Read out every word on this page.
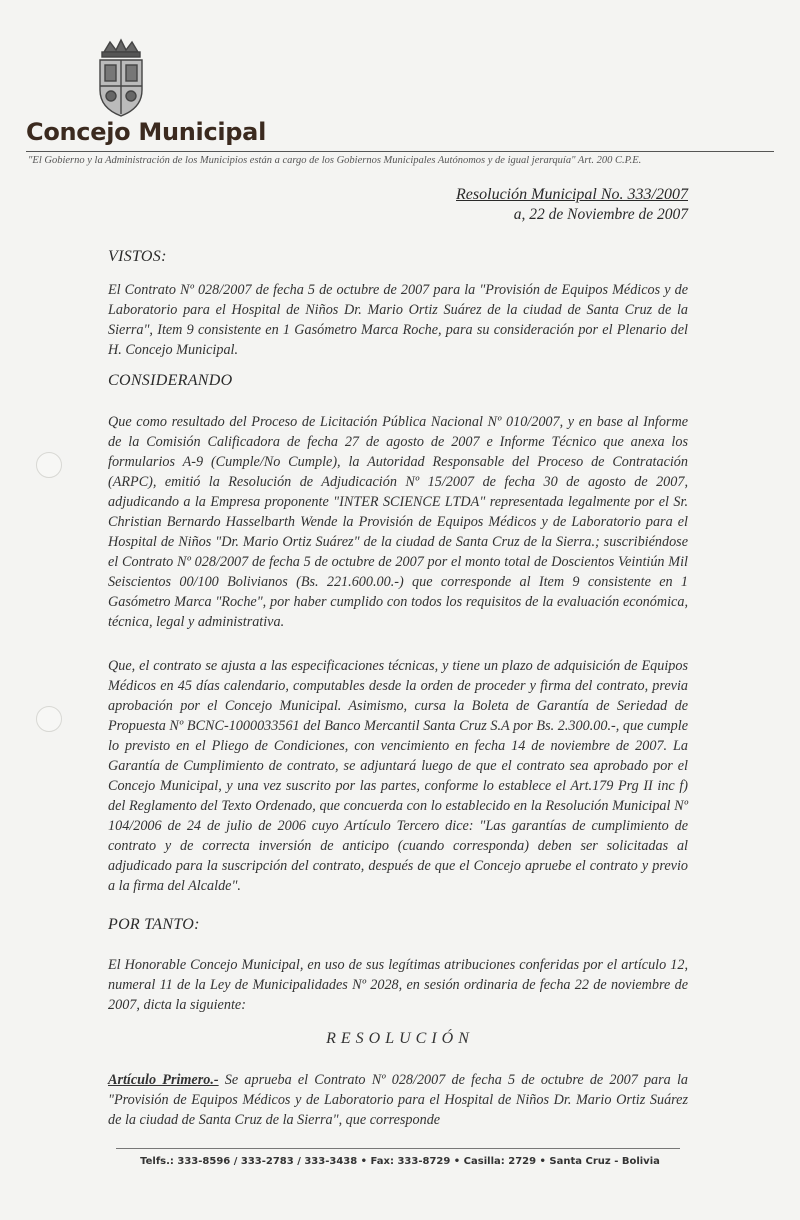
Concejo Municipal
"El Gobierno y la Administración de los Municipios están a cargo de los Gobiernos Municipales Autónomos y de igual jerarquía" Art. 200 C.P.E.
Resolución Municipal No. 333/2007
a, 22 de Noviembre de 2007
VISTOS:
El Contrato Nº 028/2007 de fecha 5 de octubre de 2007 para la "Provisión de Equipos Médicos y de Laboratorio para el Hospital de Niños Dr. Mario Ortiz Suárez de la ciudad de Santa Cruz de la Sierra", Item 9 consistente en 1 Gasómetro Marca Roche, para su consideración por el Plenario del H. Concejo Municipal.
CONSIDERANDO
Que como resultado del Proceso de Licitación Pública Nacional Nº 010/2007, y en base al Informe de la Comisión Calificadora de fecha 27 de agosto de 2007 e Informe Técnico que anexa los formularios A-9 (Cumple/No Cumple), la Autoridad Responsable del Proceso de Contratación (ARPC), emitió la Resolución de Adjudicación Nº 15/2007 de fecha 30 de agosto de 2007, adjudicando a la Empresa proponente "INTER SCIENCE LTDA" representada legalmente por el Sr. Christian Bernardo Hasselbarth Wende la Provisión de Equipos Médicos y de Laboratorio para el Hospital de Niños "Dr. Mario Ortiz Suárez" de la ciudad de Santa Cruz de la Sierra.; suscribiéndose el Contrato Nº 028/2007 de fecha 5 de octubre de 2007 por el monto total de Doscientos Veintiún Mil Seiscientos 00/100 Bolivianos (Bs. 221.600.00.-) que corresponde al Item 9 consistente en 1 Gasómetro Marca "Roche", por haber cumplido con todos los requisitos de la evaluación económica, técnica, legal y administrativa.
Que, el contrato se ajusta a las especificaciones técnicas, y tiene un plazo de adquisición de Equipos Médicos en 45 días calendario, computables desde la orden de proceder y firma del contrato, previa aprobación por el Concejo Municipal. Asimismo, cursa la Boleta de Garantía de Seriedad de Propuesta Nº BCNC-1000033561 del Banco Mercantil Santa Cruz S.A por Bs. 2.300.00.-, que cumple lo previsto en el Pliego de Condiciones, con vencimiento en fecha 14 de noviembre de 2007. La Garantía de Cumplimiento de contrato, se adjuntará luego de que el contrato sea aprobado por el Concejo Municipal, y una vez suscrito por las partes, conforme lo establece el Art.179 Prg II inc f) del Reglamento del Texto Ordenado, que concuerda con lo establecido en la Resolución Municipal Nº 104/2006 de 24 de julio de 2006 cuyo Artículo Tercero dice: "Las garantías de cumplimiento de contrato y de correcta inversión de anticipo (cuando corresponda) deben ser solicitadas al adjudicado para la suscripción del contrato, después de que el Concejo apruebe el contrato y previo a la firma del Alcalde".
POR TANTO:
El Honorable Concejo Municipal, en uso de sus legítimas atribuciones conferidas por el artículo 12, numeral 11 de la Ley de Municipalidades Nº 2028, en sesión ordinaria de fecha 22 de noviembre de 2007, dicta la siguiente:
RESOLUCIÓN
Artículo Primero.- Se aprueba el Contrato Nº 028/2007 de fecha 5 de octubre de 2007 para la "Provisión de Equipos Médicos y de Laboratorio para el Hospital de Niños Dr. Mario Ortiz Suárez de la ciudad de Santa Cruz de la Sierra", que corresponde
Telfs.: 333-8596 / 333-2783 / 333-3438 • Fax: 333-8729 • Casilla: 2729 • Santa Cruz - Bolivia
